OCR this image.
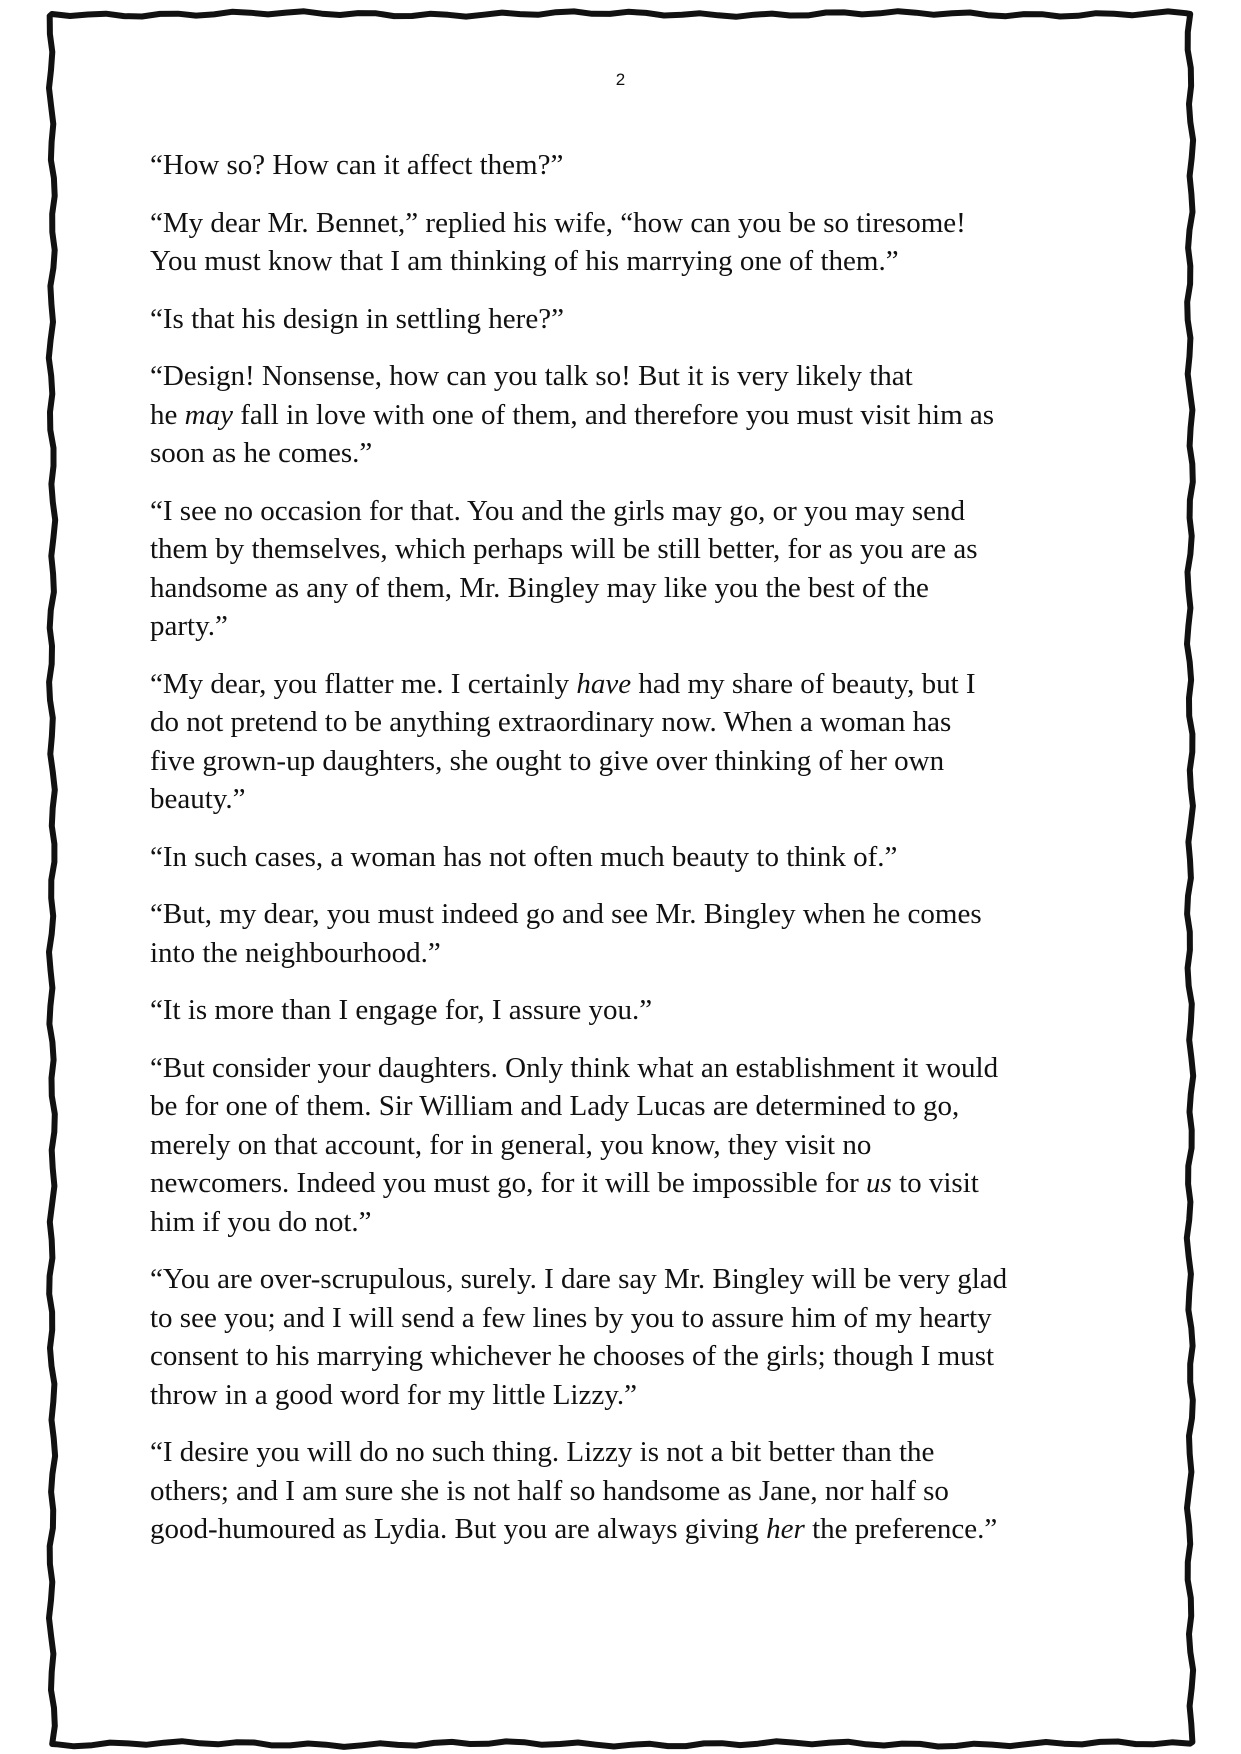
2

“How so? How can it affect them?”

“My dear Mr. Bennet,” replied his wife, “how can you be so tiresome!
You must know that I am thinking of his marrying one of them.”

“Is that his design in settling here?”

“Design! Nonsense, how can you talk so! But it is very likely that
he may fall in love with one of them, and therefore you must visit him as
soon as he comes.”

“I see no occasion for that. You and the girls may go, or you may send
them by themselves, which perhaps will be still better, for as you are as
handsome as any of them, Mr. Bingley may like you the best of the
party.”

“My dear, you flatter me. I certainly have had my share of beauty, but I
do not pretend to be anything extraordinary now. When a woman has
five grown-up daughters, she ought to give over thinking of her own
beauty.”

“In such cases, a woman has not often much beauty to think of.”

“But, my dear, you must indeed go and see Mr. Bingley when he comes
into the neighbourhood.”

“It is more than I engage for, I assure you.”

“But consider your daughters. Only think what an establishment it would
be for one of them. Sir William and Lady Lucas are determined to go,
merely on that account, for in general, you know, they visit no
newcomers. Indeed you must go, for it will be impossible for us to visit
him if you do not.”

“You are over-scrupulous, surely. I dare say Mr. Bingley will be very glad
to see you; and I will send a few lines by you to assure him of my hearty
consent to his marrying whichever he chooses of the girls; though I must
throw in a good word for my little Lizzy.”

“I desire you will do no such thing. Lizzy is not a bit better than the
others; and I am sure she is not half so handsome as Jane, nor half so
good-humoured as Lydia. But you are always giving her the preference.”
